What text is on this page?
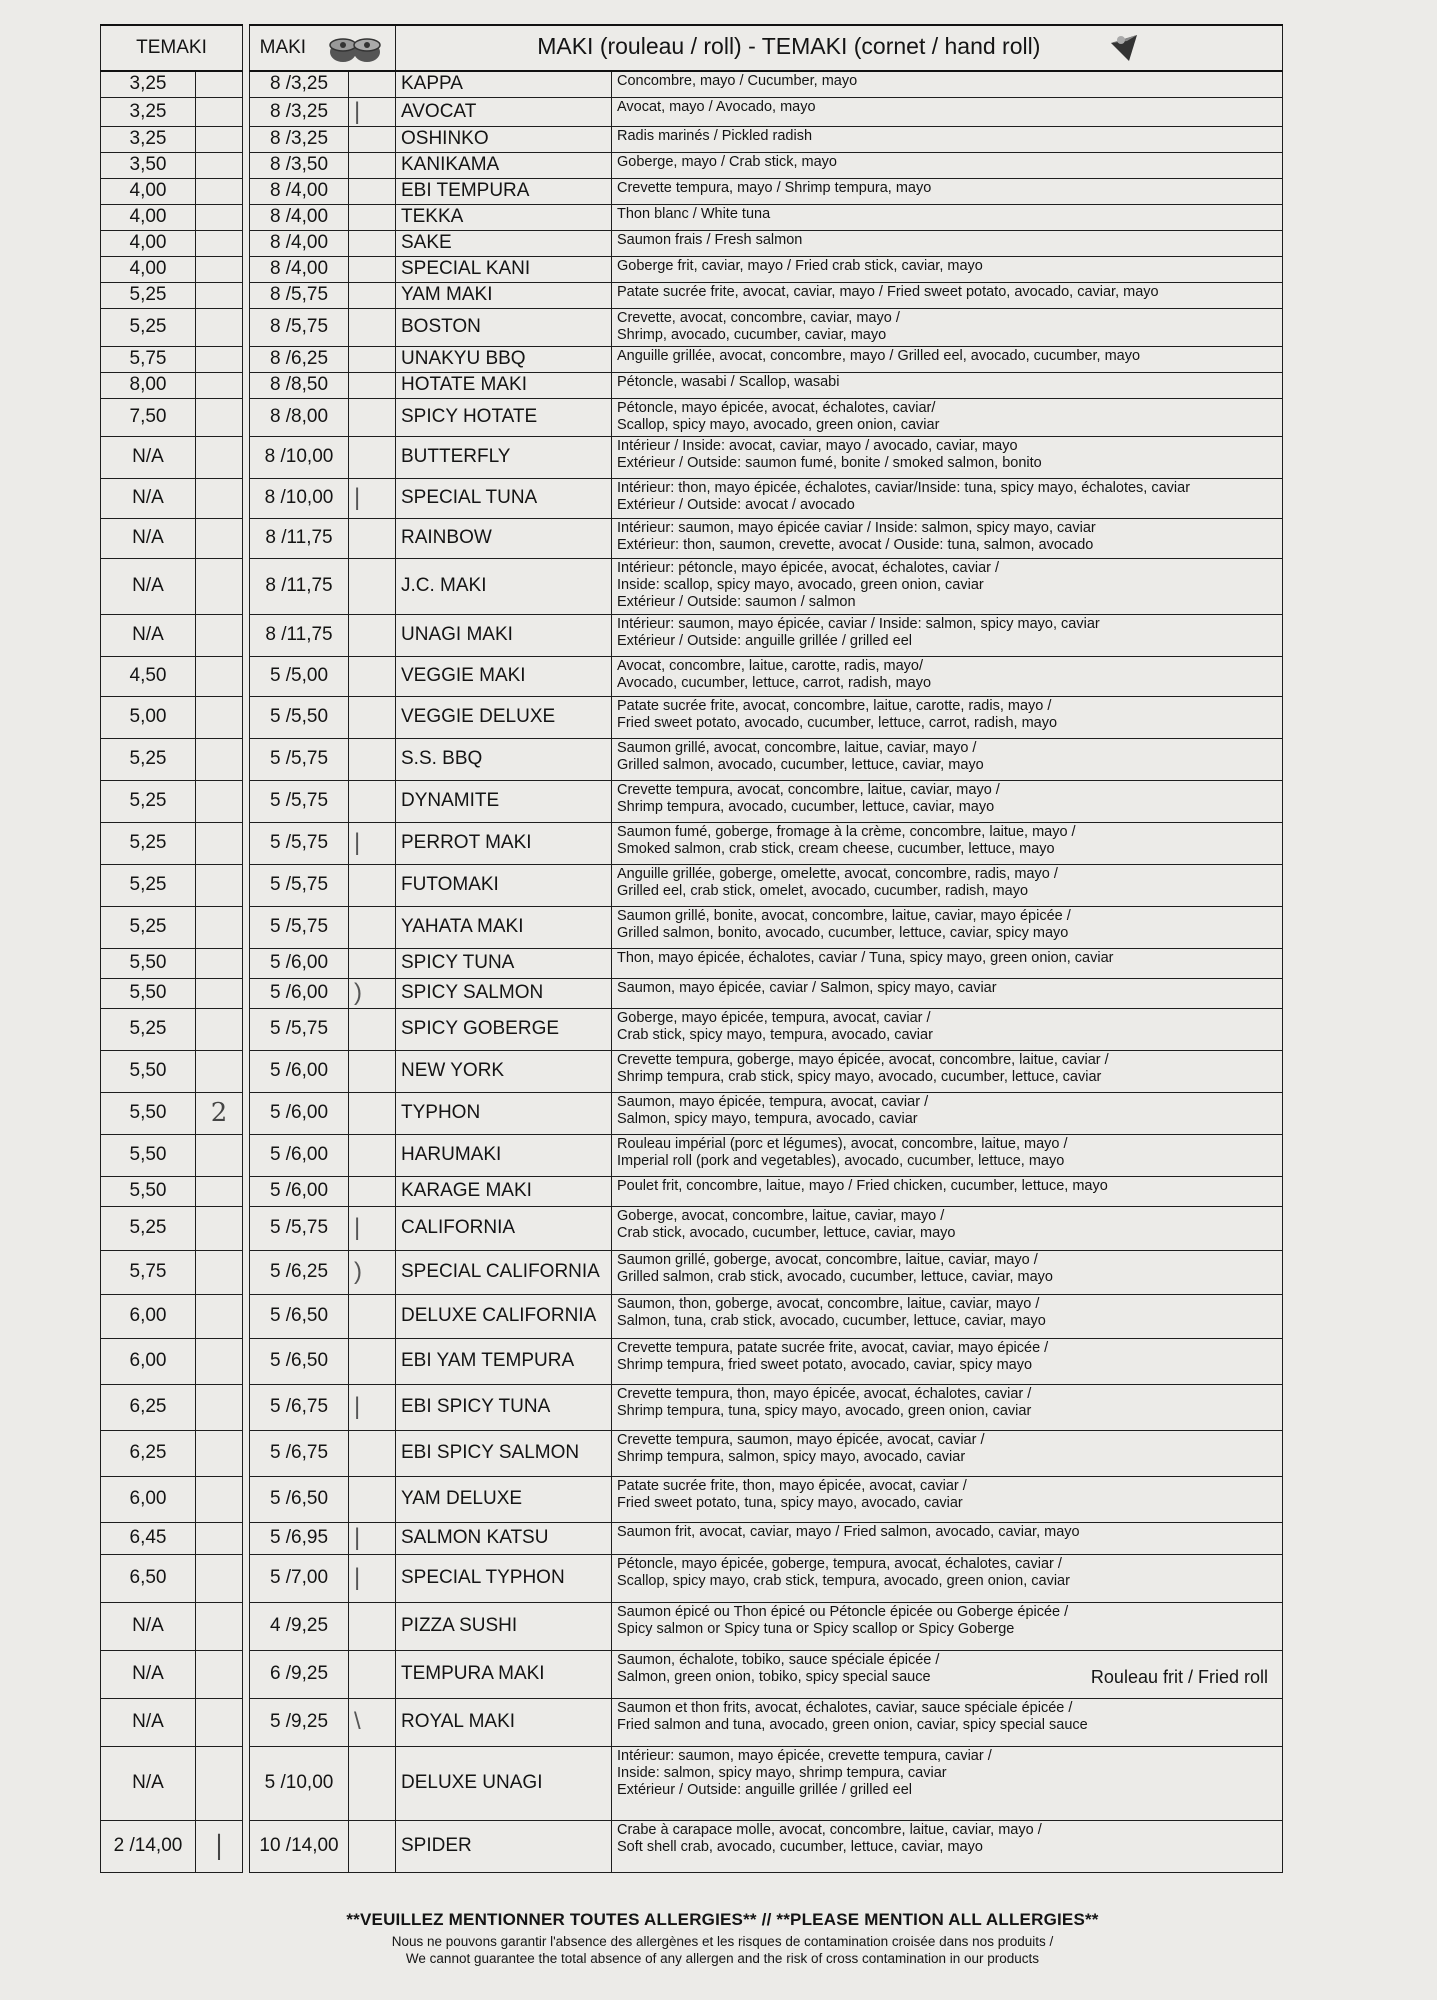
TEMAKI			MAKI		MAKI (rouleau / roll) - TEMAKI (cornet / hand roll)	
3,25			8 /3,25		KAPPA	Concombre, mayo / Cucumber, mayo

3,25			8 /3,25	|	AVOCAT	Avocat, mayo / Avocado, mayo

3,25			8 /3,25		OSHINKO	Radis marinés / Pickled radish

3,50			8 /3,50		KANIKAMA	Goberge, mayo / Crab stick, mayo

4,00			8 /4,00		EBI TEMPURA	Crevette tempura, mayo / Shrimp tempura, mayo

4,00			8 /4,00		TEKKA	Thon blanc / White tuna

4,00			8 /4,00		SAKE	Saumon frais / Fresh salmon

4,00			8 /4,00		SPECIAL KANI	Goberge frit, caviar, mayo / Fried crab stick, caviar, mayo

5,25			8 /5,75		YAM MAKI	Patate sucrée frite, avocat, caviar, mayo / Fried sweet potato, avocado, caviar, mayo

5,25			8 /5,75		BOSTON	Crevette, avocat, concombre, caviar, mayo /
Shrimp, avocado, cucumber, caviar, mayo

5,75			8 /6,25		UNAKYU BBQ	Anguille grillée, avocat, concombre, mayo / Grilled eel, avocado, cucumber, mayo

8,00			8 /8,50		HOTATE MAKI	Pétoncle, wasabi / Scallop, wasabi

7,50			8 /8,00		SPICY HOTATE	Pétoncle, mayo épicée, avocat, échalotes, caviar/
Scallop, spicy mayo, avocado, green onion, caviar

N/A			8 /10,00		BUTTERFLY	Intérieur / Inside: avocat, caviar, mayo / avocado, caviar, mayo
Extérieur / Outside: saumon fumé, bonite / smoked salmon, bonito

N/A			8 /10,00	|	SPECIAL TUNA	Intérieur: thon, mayo épicée, échalotes, caviar/Inside: tuna, spicy mayo, échalotes, caviar
Extérieur / Outside: avocat / avocado

N/A			8 /11,75		RAINBOW	Intérieur: saumon, mayo épicée caviar / Inside: salmon, spicy mayo, caviar
Extérieur: thon, saumon, crevette, avocat / Ouside: tuna, salmon, avocado

N/A			8 /11,75		J.C. MAKI	Intérieur: pétoncle, mayo épicée, avocat, échalotes, caviar /
Inside: scallop, spicy mayo, avocado, green onion, caviar
Extérieur / Outside: saumon / salmon

N/A			8 /11,75		UNAGI MAKI	Intérieur: saumon, mayo épicée, caviar / Inside: salmon, spicy mayo, caviar
Extérieur / Outside: anguille grillée / grilled eel

4,50			5 /5,00		VEGGIE MAKI	Avocat, concombre, laitue, carotte, radis, mayo/
Avocado, cucumber, lettuce, carrot, radish, mayo

5,00			5 /5,50		VEGGIE DELUXE	Patate sucrée frite, avocat, concombre, laitue, carotte, radis, mayo /
Fried sweet potato, avocado, cucumber, lettuce, carrot, radish, mayo

5,25			5 /5,75		S.S. BBQ	Saumon grillé, avocat, concombre, laitue, caviar, mayo /
Grilled salmon, avocado, cucumber, lettuce, caviar, mayo

5,25			5 /5,75		DYNAMITE	Crevette tempura, avocat, concombre, laitue, caviar, mayo /
Shrimp tempura, avocado, cucumber, lettuce, caviar, mayo

5,25			5 /5,75	|	PERROT MAKI	Saumon fumé, goberge, fromage à la crème, concombre, laitue, mayo /
Smoked salmon, crab stick, cream cheese, cucumber, lettuce, mayo

5,25			5 /5,75		FUTOMAKI	Anguille grillée, goberge, omelette, avocat, concombre, radis, mayo /
Grilled eel, crab stick, omelet, avocado, cucumber, radish, mayo

5,25			5 /5,75		YAHATA MAKI	Saumon grillé, bonite, avocat, concombre, laitue, caviar, mayo épicée /
Grilled salmon, bonito, avocado, cucumber, lettuce, caviar, spicy mayo

5,50			5 /6,00		SPICY TUNA	Thon, mayo épicée, échalotes, caviar / Tuna, spicy mayo, green onion, caviar

5,50			5 /6,00	)	SPICY SALMON	Saumon, mayo épicée, caviar / Salmon, spicy mayo, caviar

5,25			5 /5,75		SPICY GOBERGE	Goberge, mayo épicée, tempura, avocat, caviar /
Crab stick, spicy mayo, tempura, avocado, caviar

5,50			5 /6,00		NEW YORK	Crevette tempura, goberge, mayo épicée, avocat, concombre, laitue, caviar /
Shrimp tempura, crab stick, spicy mayo, avocado, cucumber, lettuce, caviar

5,50	2		5 /6,00		TYPHON	Saumon, mayo épicée, tempura, avocat, caviar /
Salmon, spicy mayo, tempura, avocado, caviar

5,50			5 /6,00		HARUMAKI	Rouleau impérial (porc et légumes), avocat, concombre, laitue, mayo /
Imperial roll (pork and vegetables), avocado, cucumber, lettuce, mayo

5,50			5 /6,00		KARAGE MAKI	Poulet frit, concombre, laitue, mayo / Fried chicken, cucumber, lettuce, mayo

5,25			5 /5,75	|	CALIFORNIA	Goberge, avocat, concombre, laitue, caviar, mayo /
Crab stick, avocado, cucumber, lettuce, caviar, mayo

5,75			5 /6,25	)	SPECIAL CALIFORNIA	Saumon grillé, goberge, avocat, concombre, laitue, caviar, mayo /
Grilled salmon, crab stick, avocado, cucumber, lettuce, caviar, mayo

6,00			5 /6,50		DELUXE CALIFORNIA	Saumon, thon, goberge, avocat, concombre, laitue, caviar, mayo /
Salmon, tuna, crab stick, avocado, cucumber, lettuce, caviar, mayo

6,00			5 /6,50		EBI YAM TEMPURA	Crevette tempura, patate sucrée frite, avocat, caviar, mayo épicée /
Shrimp tempura, fried sweet potato, avocado, caviar, spicy mayo

6,25			5 /6,75	|	EBI SPICY TUNA	Crevette tempura, thon, mayo épicée, avocat, échalotes, caviar /
Shrimp tempura, tuna, spicy mayo, avocado, green onion, caviar

6,25			5 /6,75		EBI SPICY SALMON	Crevette tempura, saumon, mayo épicée, avocat, caviar /
Shrimp tempura, salmon, spicy mayo, avocado, caviar

6,00			5 /6,50		YAM DELUXE	Patate sucrée frite, thon, mayo épicée, avocat, caviar /
Fried sweet potato, tuna, spicy mayo, avocado, caviar

6,45			5 /6,95	|	SALMON KATSU	Saumon frit, avocat, caviar, mayo / Fried salmon, avocado, caviar, mayo

6,50			5 /7,00	|	SPECIAL TYPHON	Pétoncle, mayo épicée, goberge, tempura, avocat, échalotes, caviar /
Scallop, spicy mayo, crab stick, tempura, avocado, green onion, caviar

N/A			4 /9,25		PIZZA SUSHI	Saumon épicé ou Thon épicé ou Pétoncle épicée ou Goberge épicée /
Spicy salmon or Spicy tuna or Spicy scallop or Spicy Goberge

N/A			6 /9,25		TEMPURA MAKI	Saumon, échalote, tobiko, sauce spéciale épicée /
Salmon, green onion, tobiko, spicy special sauce Rouleau frit / Fried roll

N/A			5 /9,25	\	ROYAL MAKI	Saumon et thon frits, avocat, échalotes, caviar, sauce spéciale épicée /
Fried salmon and tuna, avocado, green onion, caviar, spicy special sauce

N/A			5 /10,00		DELUXE UNAGI	Intérieur: saumon, mayo épicée, crevette tempura, caviar /
Inside: salmon, spicy mayo, shrimp tempura, caviar
Extérieur / Outside: anguille grillée / grilled eel

2 /14,00	|		10 /14,00		SPIDER	Crabe à carapace molle, avocat, concombre, laitue, caviar, mayo /
Soft shell crab, avocado, cucumber, lettuce, caviar, mayo
**VEUILLEZ MENTIONNER TOUTES ALLERGIES** // **PLEASE MENTION ALL ALLERGIES**
Nous ne pouvons garantir l'absence des allergènes et les risques de contamination croisée dans nos produits /
We cannot guarantee the total absence of any allergen and the risk of cross contamination in our products
